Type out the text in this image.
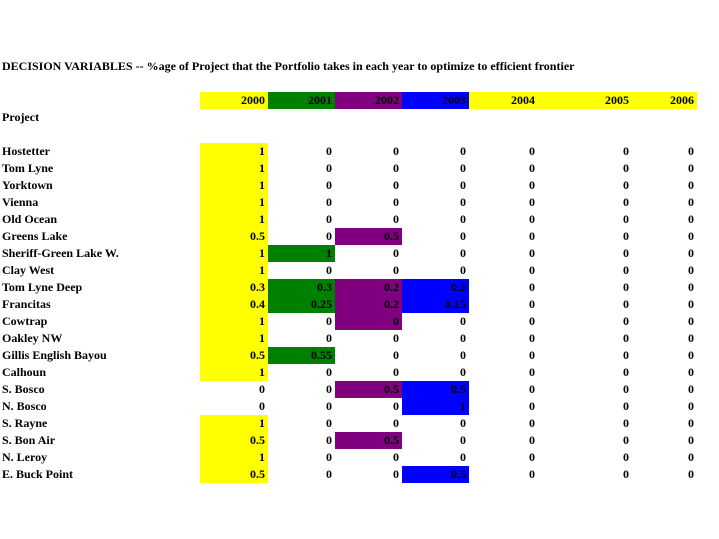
DECISION VARIABLES -- %age of Project that the Portfolio takes in each year to optimize to efficient frontier
2000	2001	2002	2003	2004	2005	2006
Project
Hostetter	1	0	0	0	0	0	0
Tom Lyne	1	0	0	0	0	0	0
Yorktown	1	0	0	0	0	0	0
Vienna	1	0	0	0	0	0	0
Old Ocean	1	0	0	0	0	0	0
Greens Lake	0.5	0	0.5	0	0	0	0
Sheriff-Green Lake W.	1	1	0	0	0	0	0
Clay West	1	0	0	0	0	0	0
Tom Lyne Deep	0.3	0.3	0.2	0.2	0	0	0
Francitas	0.4	0.25	0.2	0.15	0	0	0
Cowtrap	1	0	0	0	0	0	0
Oakley NW	1	0	0	0	0	0	0
Gillis English Bayou	0.5	0.55	0	0	0	0	0
Calhoun	1	0	0	0	0	0	0
S. Bosco	0	0	0.5	0.5	0	0	0
N. Bosco	0	0	0	1	0	0	0
S. Rayne	1	0	0	0	0	0	0
S. Bon Air	0.5	0	0.5	0	0	0	0
N. Leroy	1	0	0	0	0	0	0
E. Buck Point	0.5	0	0	0.5	0	0	0
